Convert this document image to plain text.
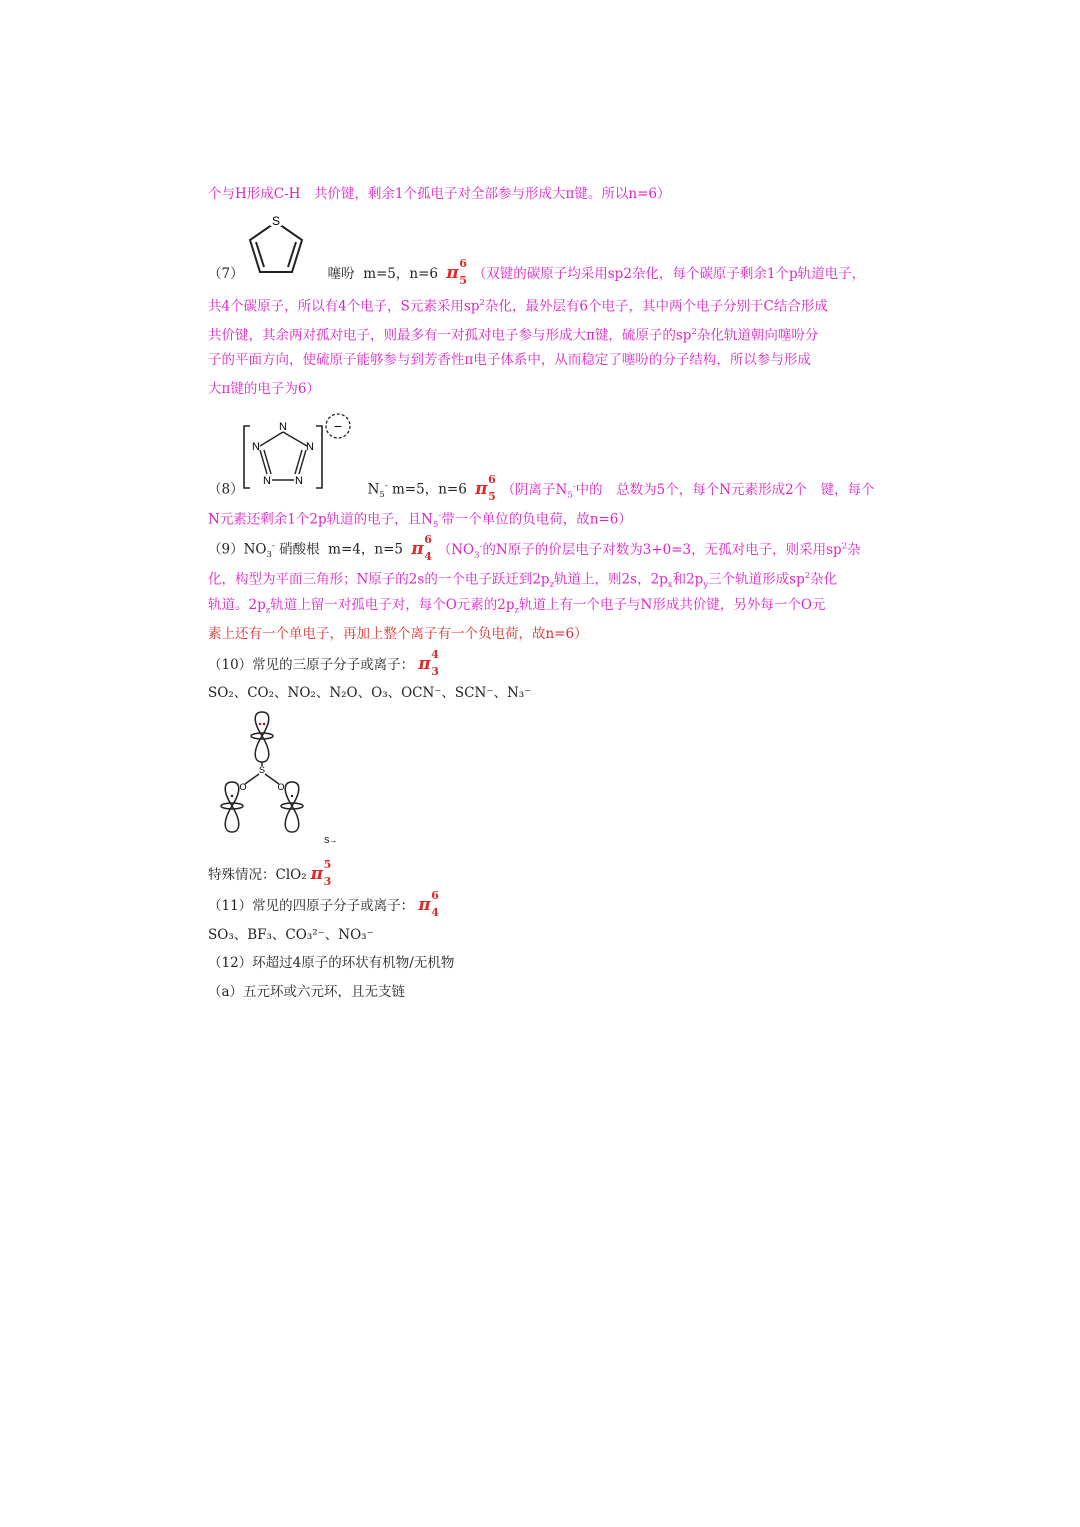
个与H形成C-H　共价键，剩余1个孤电子对全部参与形成大π键。所以n=6）
S
（7）	噻吩 m=5，n=6 π 6
5 （双键的碳原子均采用sp2杂化，每个碳原子剩余1个p轨道电子，
共4个碳原子，所以有4个电子，S元素采用$sp^2$杂化，最外层有6个电子，其中两个电子分别于C结合形成
共价键，其余两对孤对电子，则最多有一对孤对电子参与形成大π键，硫原子的$sp^2$杂化轨道朝向噻吩分
子的平面方向，使硫原子能够参与到芳香性π电子体系中，从而稳定了噻吩的分子结构，所以参与形成
大π键的电子为6）
N
N	N
N N
−
（8）	$N_5^-$ m=5，n=6 π 6
5 （阴离子$N_5^-$中的　总数为5个，每个N元素形成2个　键，每个
N元素还剩余1个2p轨道的电子，且$N_5^-$带一个单位的负电荷，故n=6）
$(9)NO_3^-$ 硝酸根 m=4，n=5 π 6
4 （$NO_3^-$的N原子的价层电子对数为3+0=3，无孤对电子，则采用$sp^2$杂
化，构型为平面三角形；N原子的2s的一个电子跃迁到$2p_z$轨道上，则2s，$2p_x$和$2p_y$三个轨道形成$sp^2$杂化
轨道。$2p_z$轨道上留一对孤电子对，每个O元素的$2p_z$轨道上有一个电子与N形成共价键，另外每一个O元
素上还有一个单电子，再加上整个离子有一个负电荷，故n=6）
（10）常见的三原子分子或离子： π 4
3
SO₂、CO₂、NO₂、N₂O、O₃、OCN⁻、SCN⁻、N₃⁻
S
O	O
S→
特殊情况：ClO₂ π 5
3
（11）常见的四原子分子或离子： π 6
4
SO₃、BF₃、CO₃²⁻、NO₃⁻
（12）环超过4原子的环状有机物/无机物
（a）五元环或六元环，且无支链
